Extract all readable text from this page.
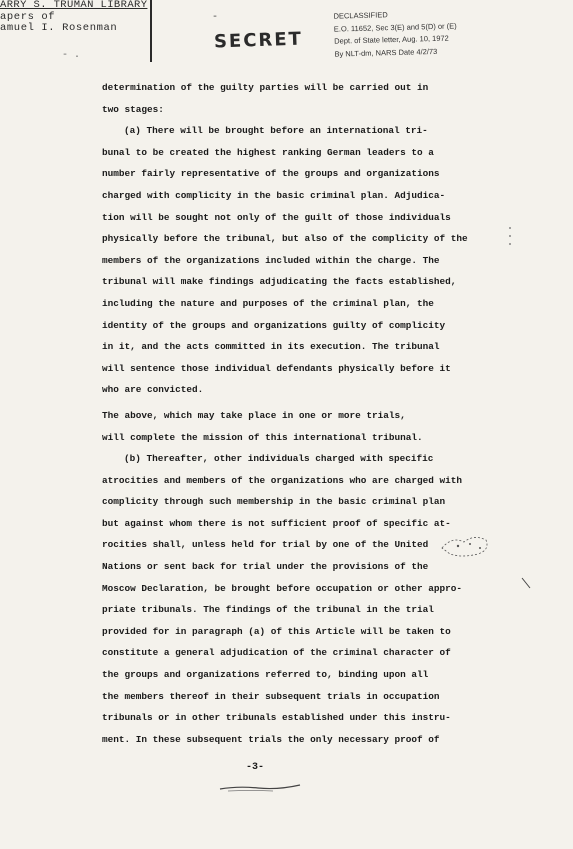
ARRY S. TRUMAN LIBRARY
apers of
amuel I. Rosenman
‐
SECRET
DECLASSIFIED
E.O. 11652, Sec 3(E) and 5(D) or (E)
Dept. of State letter, Aug. 10, 1972
By NLT-dm, NARS Date 4/2/73
- .
determination of the guilty parties will be carried out in
two stages:
(a) There will be brought before an international tri-
bunal to be created the highest ranking German leaders to a
number fairly representative of the groups and organizations
charged with complicity in the basic criminal plan. Adjudica-
tion will be sought not only of the guilt of those individuals
physically before the tribunal, but also of the complicity of the
members of the organizations included within the charge. The
tribunal will make findings adjudicating the facts established,
including the nature and purposes of the criminal plan, the
identity of the groups and organizations guilty of complicity
in it, and the acts committed in its execution. The tribunal
will sentence those individual defendants physically before it
who are convicted.
The above, which may take place in one or more trials,
will complete the mission of this international tribunal.
(b) Thereafter, other individuals charged with specific
atrocities and members of the organizations who are charged with
complicity through such membership in the basic criminal plan
but against whom there is not sufficient proof of specific at-
rocities shall, unless held for trial by one of the United
Nations or sent back for trial under the provisions of the
Moscow Declaration, be brought before occupation or other appro-
priate tribunals. The findings of the tribunal in the trial
provided for in paragraph (a) of this Article will be taken to
constitute a general adjudication of the criminal character of
the groups and organizations referred to, binding upon all
the members thereof in their subsequent trials in occupation
tribunals or in other tribunals established under this instru-
ment. In these subsequent trials the only necessary proof of
-3-
